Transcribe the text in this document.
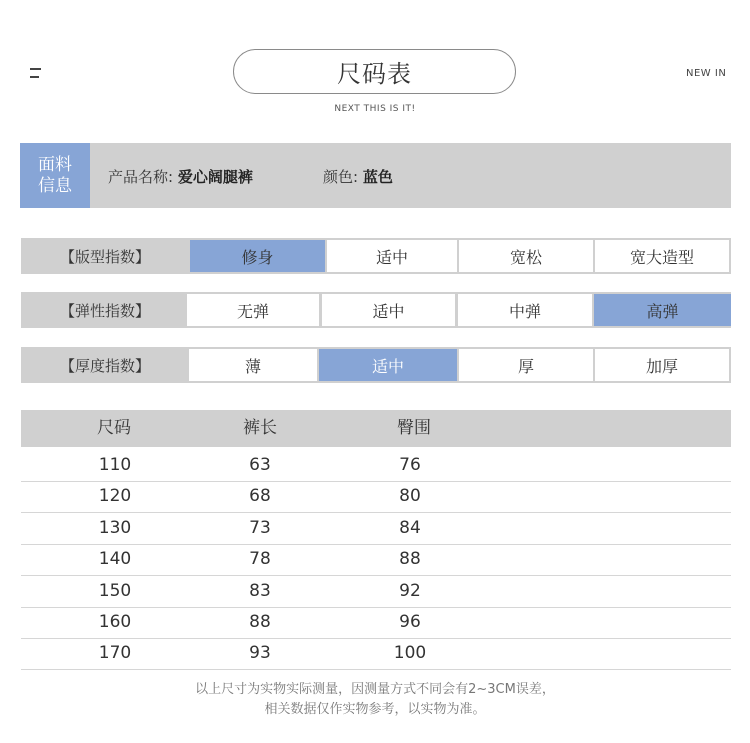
尺码表	NEW IN
NEXT THIS IS IT!
面料
信息 产品名称: 爱心阔腿裤	颜色: 蓝色
【版型指数】	修身	适中	宽松	宽大造型
【弹性指数】	无弹	适中	中弹	高弹
【厚度指数】	薄	适中	厚	加厚
尺码	裤长	臀围
110	63	76
120	68	80
130	73	84
140	78	88
150	83	92
160	88	96
170	93	100
以上尺寸为实物实际测量，因测量方式不同会有2~3CM误差，
相关数据仅作实物参考，以实物为准。
